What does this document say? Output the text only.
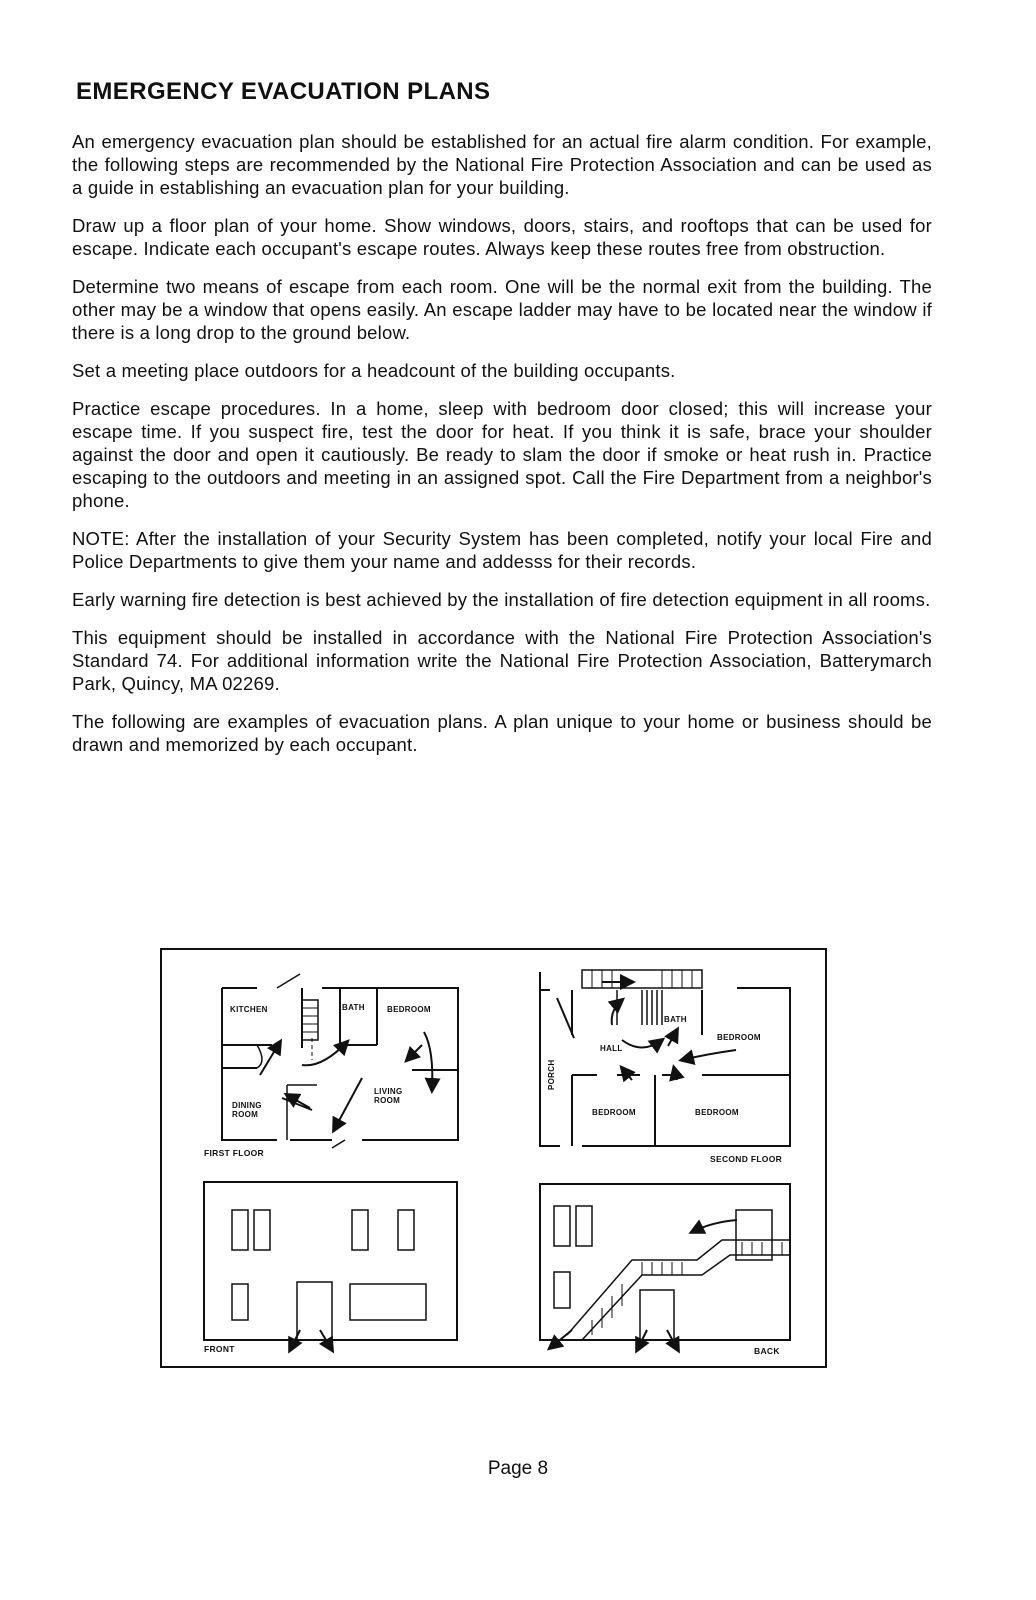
EMERGENCY EVACUATION PLANS

An emergency evacuation plan should be established for an actual fire alarm condition. For example, the following steps are recommended by the National Fire Protection Association and can be used as a guide in establishing an evacuation plan for your building.

Draw up a floor plan of your home. Show windows, doors, stairs, and rooftops that can be used for escape. Indicate each occupant's escape routes. Always keep these routes free from obstruction.

Determine two means of escape from each room. One will be the normal exit from the building. The other may be a window that opens easily. An escape ladder may have to be located near the window if there is a long drop to the ground below.

Set a meeting place outdoors for a headcount of the building occupants.

Practice escape procedures. In a home, sleep with bedroom door closed; this will increase your escape time. If you suspect fire, test the door for heat. If you think it is safe, brace your shoulder against the door and open it cautiously. Be ready to slam the door if smoke or heat rush in. Practice escaping to the outdoors and meeting in an assigned spot. Call the Fire Department from a neighbor's phone.

NOTE: After the installation of your Security System has been completed, notify your local Fire and Police Departments to give them your name and addesss for their records.

Early warning fire detection is best achieved by the installation of fire detection equipment in all rooms.

This equipment should be installed in accordance with the National Fire Protection Association's Standard 74. For additional information write the National Fire Protection Association, Batterymarch Park, Quincy, MA 02269.

The following are examples of evacuation plans. A plan unique to your home or business should be drawn and memorized by each occupant.

KITCHEN	BATH	BEDROOM
DINING
ROOM
LIVING
ROOM
FIRST FLOOR
PORCH
BATH
HALL
BEDROOM
BEDROOM	BEDROOM
SECOND FLOOR
FRONT	BACK

Page 8
